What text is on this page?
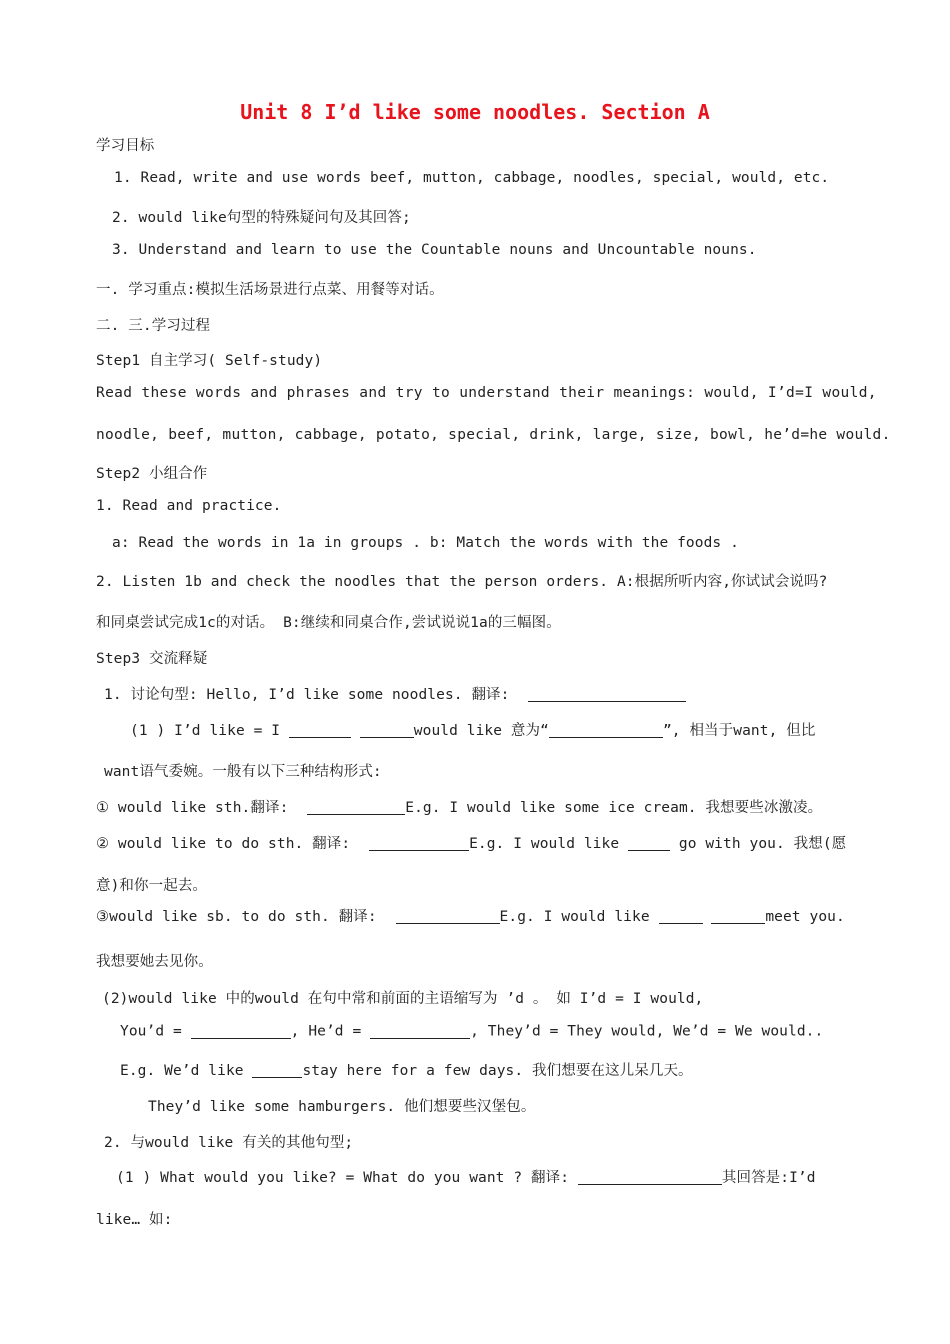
Unit 8 I’d like some noodles. Section A
学习目标
1. Read, write and use words beef, mutton, cabbage, noodles, special, would, etc.
2. would like句型的特殊疑问句及其回答;
3. Understand and learn to use the Countable nouns and Uncountable nouns.
一. 学习重点:模拟生活场景进行点菜、用餐等对话。
二. 三.学习过程
Step1 自主学习( Self-study)
Read these words and phrases and try to understand their meanings: would, I’d=I would,
noodle, beef, mutton, cabbage, potato, special, drink, large, size, bowl, he’d=he would.
Step2 小组合作
1. Read and practice.
a: Read the words in 1a in groups . b: Match the words with the foods .
2. Listen 1b and check the noodles that the person orders. A:根据所听内容,你试试会说吗?
和同桌尝试完成1c的对话。 B:继续和同桌合作,尝试说说1a的三幅图。
Step3 交流释疑
1. 讨论句型: Hello, I’d like some noodles. 翻译:
(1 ) I’d like = I	would like 意为“	”, 相当于want, 但比
want语气委婉。一般有以下三种结构形式:
① would like sth.翻译:	E.g. I would like some ice cream. 我想要些冰激凌。
② would like to do sth. 翻译:	E.g. I would like	go with you. 我想(愿
意)和你一起去。
③would like sb. to do sth. 翻译:	E.g. I would like	meet you.
我想要她去见你。
(2)would like 中的would 在句中常和前面的主语缩写为 ’d 。 如 I’d = I would,
You’d =	, He’d =	, They’d = They would, We’d = We would..
E.g. We’d like	stay here for a few days. 我们想要在这儿呆几天。
They’d like some hamburgers. 他们想要些汉堡包。
2. 与would like 有关的其他句型;
(1 ) What would you like? = What do you want ? 翻译:	其回答是:I’d
like… 如:
